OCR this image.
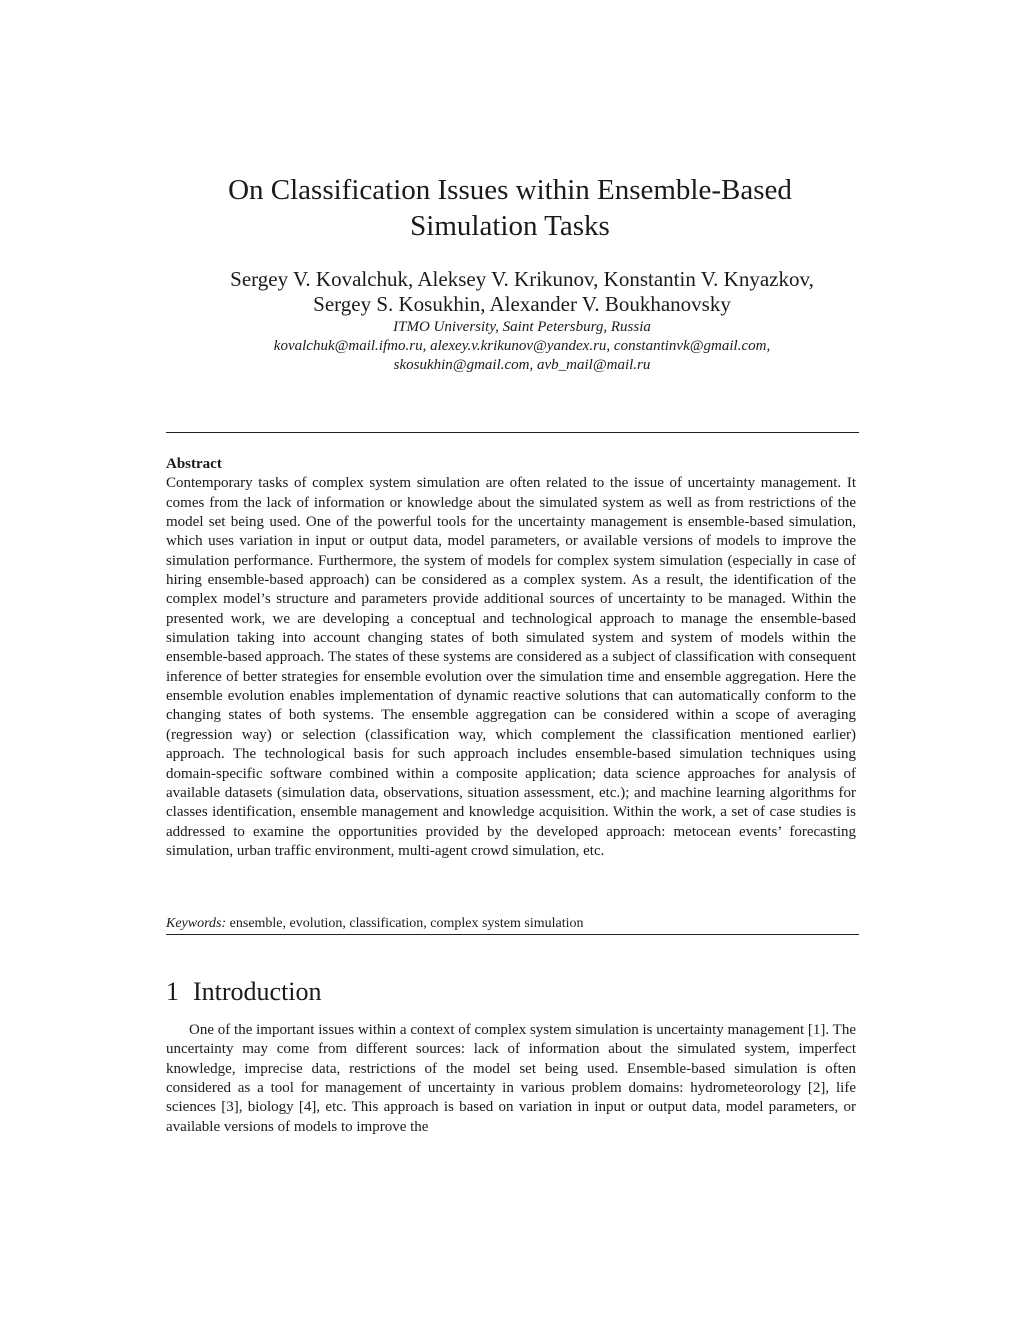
On Classification Issues within Ensemble-Based
Simulation Tasks
Sergey V. Kovalchuk, Aleksey V. Krikunov, Konstantin V. Knyazkov,
Sergey S. Kosukhin, Alexander V. Boukhanovsky
ITMO University, Saint Petersburg, Russia
kovalchuk@mail.ifmo.ru, alexey.v.krikunov@yandex.ru, constantinvk@gmail.com,
skosukhin@gmail.com, avb_mail@mail.ru
Abstract

Contemporary tasks of complex system simulation are often related to the issue of uncertainty management. It comes from the lack of information or knowledge about the simulated system as well as from restrictions of the model set being used. One of the powerful tools for the uncertainty management is ensemble-based simulation, which uses variation in input or output data, model parameters, or available versions of models to improve the simulation performance. Furthermore, the system of models for complex system simulation (especially in case of hiring ensemble-based approach) can be considered as a complex system. As a result, the identification of the complex model’s structure and parameters provide additional sources of uncertainty to be managed. Within the presented work, we are developing a conceptual and technological approach to manage the ensemble-based simulation taking into account changing states of both simulated system and system of models within the ensemble-based approach. The states of these systems are considered as a subject of classification with consequent inference of better strategies for ensemble evolution over the simulation time and ensemble aggregation. Here the ensemble evolution enables implementation of dynamic reactive solutions that can automatically conform to the changing states of both systems. The ensemble aggregation can be considered within a scope of averaging (regression way) or selection (classification way, which complement the classification mentioned earlier) approach. The technological basis for such approach includes ensemble-based simulation techniques using domain-specific software combined within a composite application; data science approaches for analysis of available datasets (simulation data, observations, situation assessment, etc.); and machine learning algorithms for classes identification, ensemble management and knowledge acquisition. Within the work, a set of case studies is addressed to examine the opportunities provided by the developed approach: metocean events’ forecasting simulation, urban traffic environment, multi-agent crowd simulation, etc.

Keywords: ensemble, evolution, classification, complex system simulation
1 Introduction

One of the important issues within a context of complex system simulation is uncertainty management [1]. The uncertainty may come from different sources: lack of information about the simulated system, imperfect knowledge, imprecise data, restrictions of the model set being used. Ensemble-based simulation is often considered as a tool for management of uncertainty in various problem domains: hydrometeorology [2], life sciences [3], biology [4], etc. This approach is based on variation in input or output data, model parameters, or available versions of models to improve the
